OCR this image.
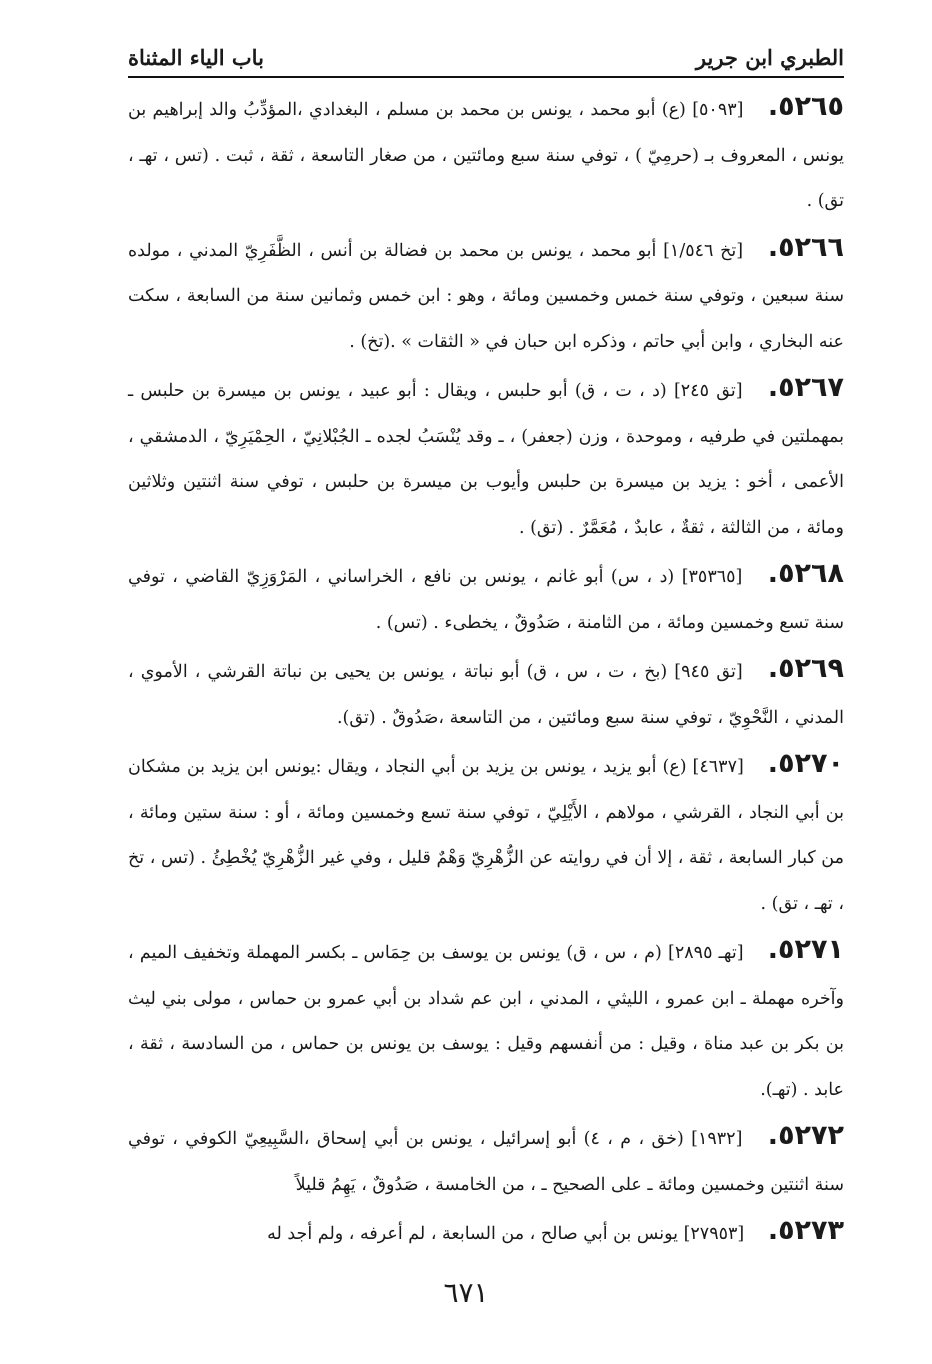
الطبري ابن جرير
باب الياء المثناة

٥٢٦٥. [٥٠٩٣] (ع) أبو محمد ، يونس بن محمد بن مسلم ، البغدادي ،المؤدِّبُ والد إبراهيم بن يونس ، المعروف بـ (حرمِيّ ) ، توفي سنة سبع ومائتين ، من صغار التاسعة ، ثقة ، ثبت . (تس ، تهـ ، تق) .

٥٢٦٦. [تخ ١/٥٤٦] أبو محمد ، يونس بن محمد بن فضالة بن أنس ، الظَّفَرِيّ المدني ، مولده سنة سبعين ، وتوفي سنة خمس وخمسين ومائة ، وهو : ابن خمس وثمانين سنة من السابعة ، سكت عنه البخاري ، وابن أبي حاتم ، وذكره ابن حبان في « الثقات » .(تخ) .

٥٢٦٧. [تق ٢٤٥] (د ، ت ، ق) أبو حلبس ، ويقال : أبو عبيد ، يونس بن ميسرة بن حلبس ـ بمهملتين في طرفيه ، وموحدة ، وزن (جعفر) ، ـ وقد يُنْسَبُ لجده ـ الجُبْلانِيّ ، الحِمْيَرِيّ ، الدمشقي ، الأعمى ، أخو : يزيد بن ميسرة بن حلبس وأيوب بن ميسرة بن حلبس ، توفي سنة اثنتين وثلاثين ومائة ، من الثالثة ، ثقةٌ ، عابدٌ ، مُعَمَّرٌ . (تق) .

٥٢٦٨. [٣٥٣٦٥] (د ، س) أبو غانم ، يونس بن نافع ، الخراساني ، المَرْوَزِيّ القاضي ، توفي سنة تسع وخمسين ومائة ، من الثامنة ، صَدُوقٌ ، يخطىء . (تس) .

٥٢٦٩. [تق ٩٤٥] (بخ ، ت ، س ، ق) أبو نباتة ، يونس بن يحيى بن نباتة القرشي ، الأموي ، المدني ، النَّحْوِيّ ، توفي سنة سبع ومائتين ، من التاسعة ،صَدُوقٌ . (تق).

٥٢٧٠. [٤٦٣٧] (ع) أبو يزيد ، يونس بن يزيد بن أبي النجاد ، ويقال :يونس ابن يزيد بن مشكان بن أبي النجاد ، القرشي ، مولاهم ، الأَيْلِيّ ، توفي سنة تسع وخمسين ومائة ، أو : سنة ستين ومائة ، من كبار السابعة ، ثقة ، إلا أن في روايته عن الزُّهْرِيّ وَهْمٌ قليل ، وفي غير الزُّهْرِيّ يُخْطِئُ . (تس ، تخ ، تهـ ، تق) .

٥٢٧١. [تهـ ٢٨٩٥] (م ، س ، ق) يونس بن يوسف بن حِمَاس ـ بكسر المهملة وتخفيف الميم ، وآخره مهملة ـ ابن عمرو ، الليثي ، المدني ، ابن عم شداد بن أبي عمرو بن حماس ، مولى بني ليث بن بكر بن عبد مناة ، وقيل : من أنفسهم وقيل : يوسف بن يونس بن حماس ، من السادسة ، ثقة ، عابد . (تهـ).

٥٢٧٢. [١٩٣٢] (خق ، م ، ٤) أبو إسرائيل ، يونس بن أبي إسحاق ،السَّبِيعِيّ الكوفي ، توفي سنة اثنتين وخمسين ومائة ـ على الصحيح ـ ، من الخامسة ، صَدُوقٌ ، يَهِمُ قليلاً

٥٢٧٣. [٢٧٩٥٣] يونس بن أبي صالح ، من السابعة ، لم أعرفه ، ولم أجد له

٦٧١
